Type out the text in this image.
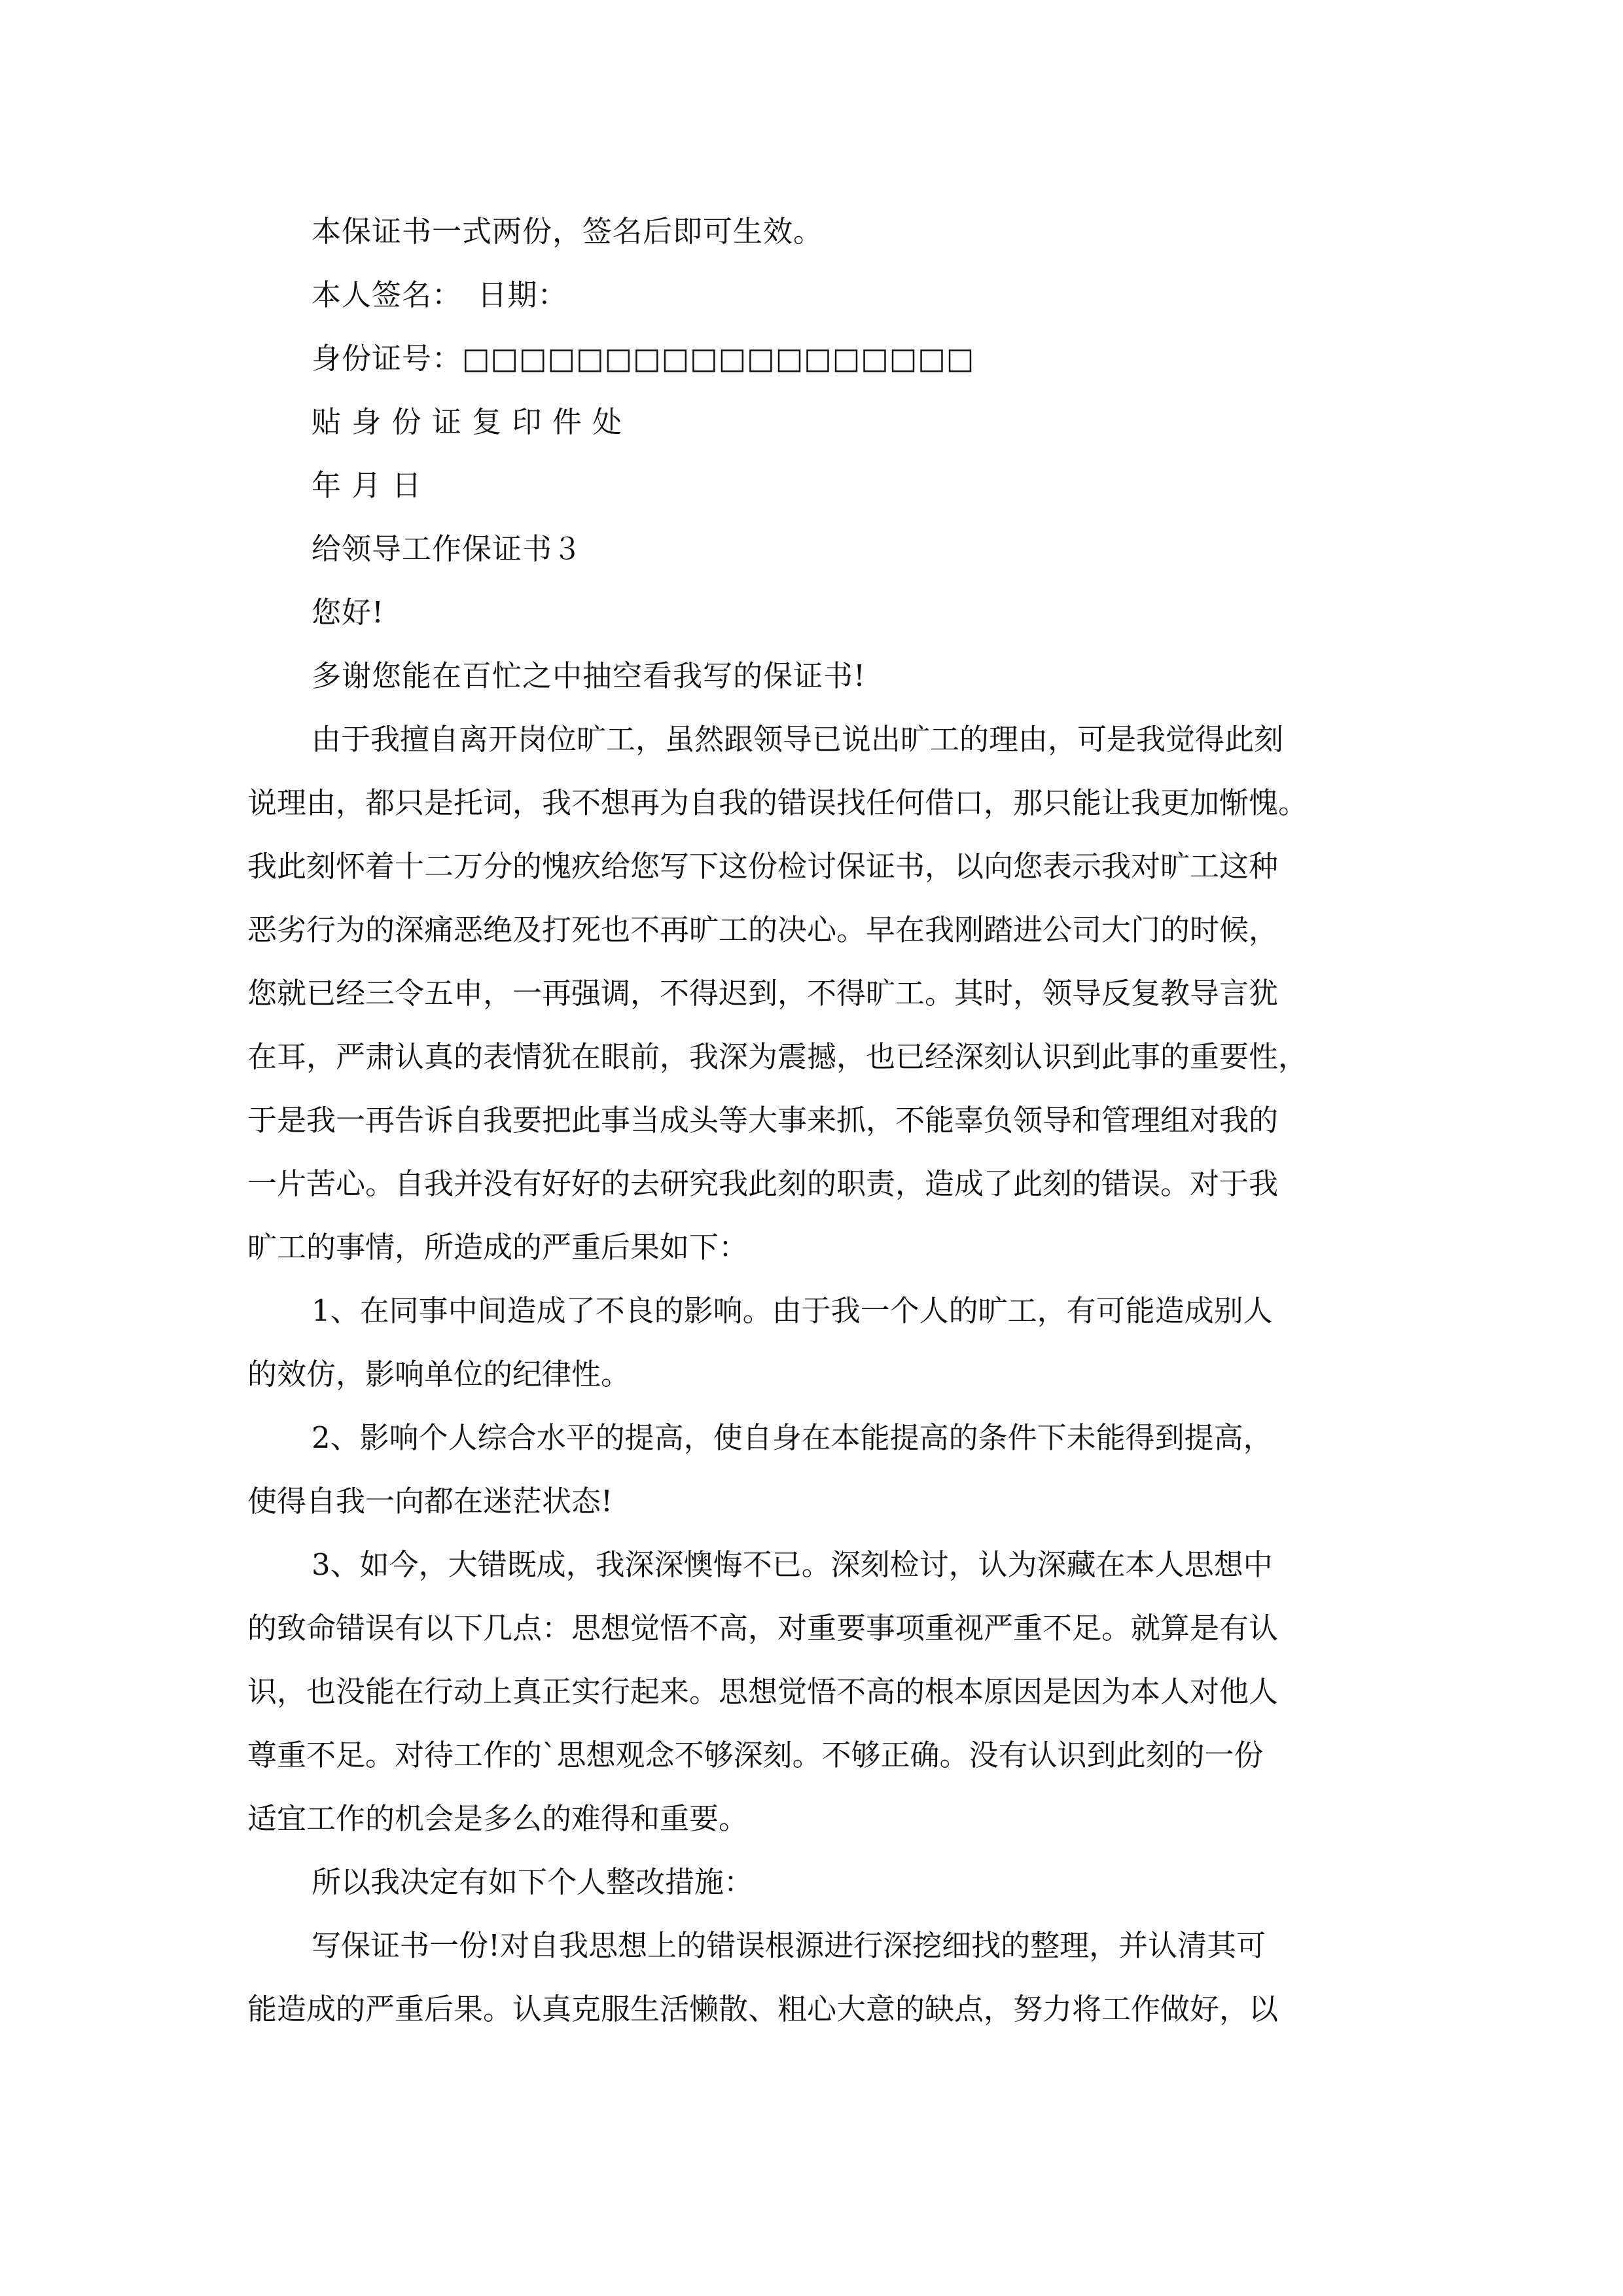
本保证书一式两份，签名后即可生效。

本人签名：　日期：

身份证号：□□□□□□□□□□□□□□□□□□

贴 身 份 证 复 印 件 处

年 月 日

给领导工作保证书３

您好!

多谢您能在百忙之中抽空看我写的保证书!

由于我擅自离开岗位旷工，虽然跟领导已说出旷工的理由，可是我觉得此刻

说理由，都只是托词，我不想再为自我的错误找任何借口，那只能让我更加惭愧。

我此刻怀着十二万分的愧疚给您写下这份检讨保证书，以向您表示我对旷工这种

恶劣行为的深痛恶绝及打死也不再旷工的决心。早在我刚踏进公司大门的时候，

您就已经三令五申，一再强调，不得迟到，不得旷工。其时，领导反复教导言犹

在耳，严肃认真的表情犹在眼前，我深为震撼，也已经深刻认识到此事的重要性，

于是我一再告诉自我要把此事当成头等大事来抓，不能辜负领导和管理组对我的

一片苦心。自我并没有好好的去研究我此刻的职责，造成了此刻的错误。对于我

旷工的事情，所造成的严重后果如下：

1、在同事中间造成了不良的影响。由于我一个人的旷工，有可能造成别人

的效仿，影响单位的纪律性。

2、影响个人综合水平的提高，使自身在本能提高的条件下未能得到提高，

使得自我一向都在迷茫状态!

3、如今，大错既成，我深深懊悔不已。深刻检讨，认为深藏在本人思想中

的致命错误有以下几点：思想觉悟不高，对重要事项重视严重不足。就算是有认

识，也没能在行动上真正实行起来。思想觉悟不高的根本原因是因为本人对他人

尊重不足。对待工作的`思想观念不够深刻。不够正确。没有认识到此刻的一份

适宜工作的机会是多么的难得和重要。

所以我决定有如下个人整改措施：

写保证书一份!对自我思想上的错误根源进行深挖细找的整理，并认清其可

能造成的严重后果。认真克服生活懒散、粗心大意的缺点，努力将工作做好，以
